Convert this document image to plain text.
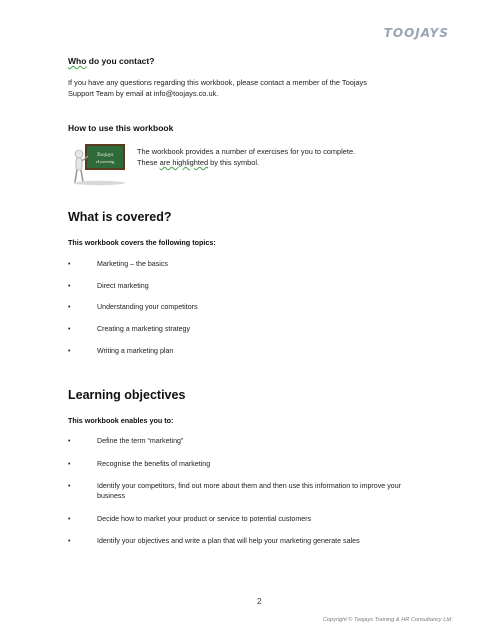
TOOJAYS
Who do you contact?
If you have any questions regarding this workbook, please contact a member of the Toojays
Support Team by email at info@toojays.co.uk.
How to use this workbook
Toojays
eLearning
The workbook provides a number of exercises for you to complete.
These are highlighted by this symbol.
What is covered?
This workbook covers the following topics:
•	Marketing – the basics
•	Direct marketing
•	Understanding your competitors
•	Creating a marketing strategy
•	Writing a marketing plan
Learning objectives
This workbook enables you to:
•	Define the term “marketing”
•	Recognise the benefits of marketing
•	Identify your competitors, find out more about them and then use this information to improve your business
•	Decide how to market your product or service to potential customers
•	Identify your objectives and write a plan that will help your marketing generate sales
2
Copyright © Toojays Training & HR Consultancy Ltd
